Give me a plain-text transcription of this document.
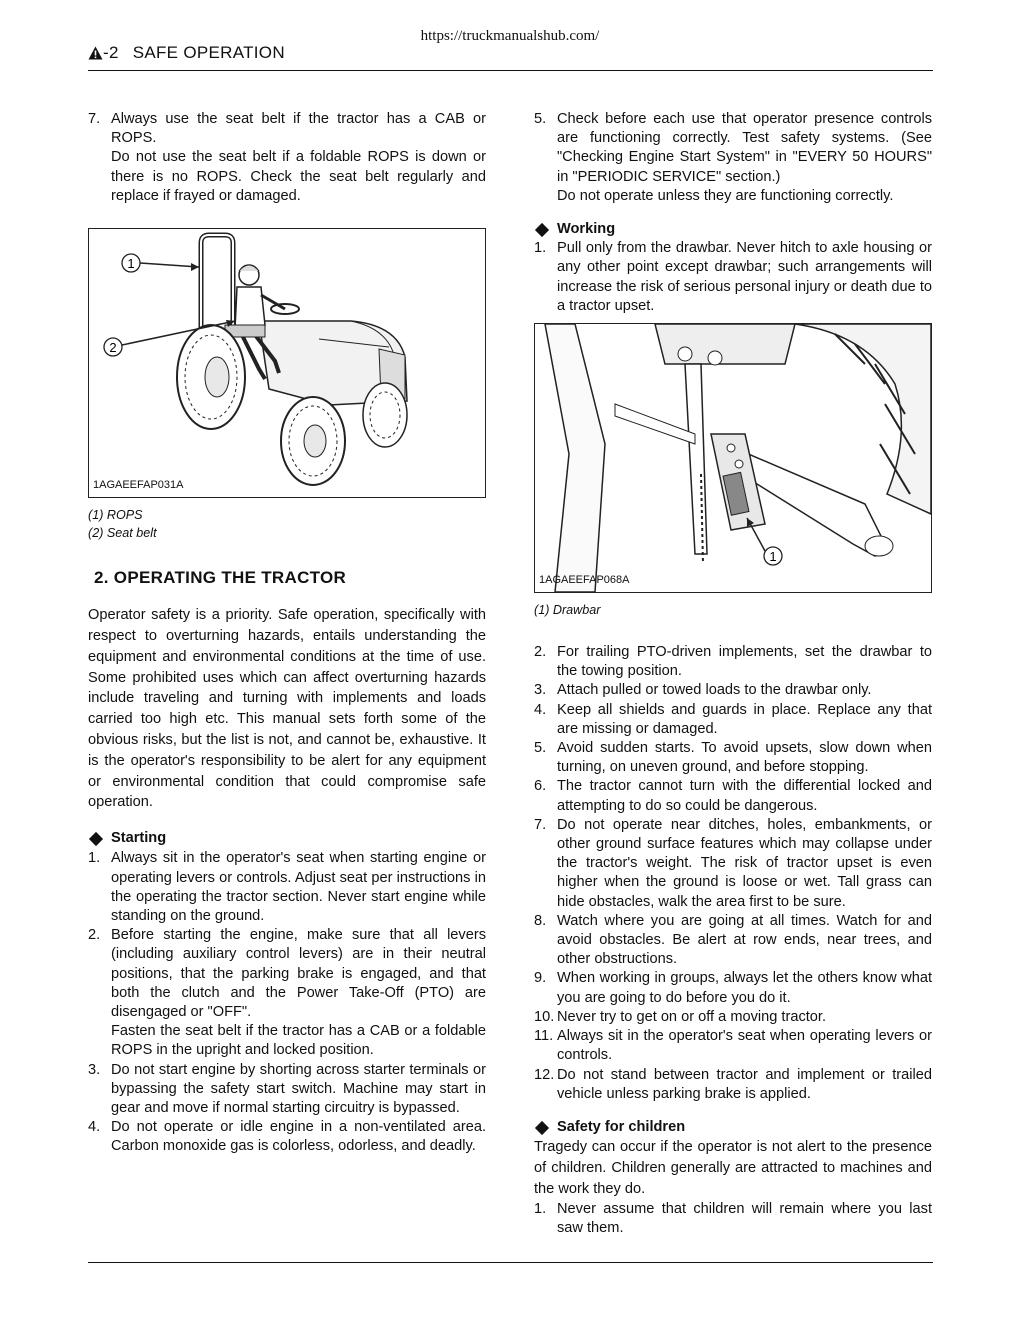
https://truckmanualshub.com/
-2 SAFE OPERATION
7. Always use the seat belt if the tractor has a CAB or ROPS.

Do not use the seat belt if a foldable ROPS is down or there is no ROPS. Check the seat belt regularly and replace if frayed or damaged.

1
2
1AGAEEFAP031A
(1) ROPS
(2) Seat belt
2. OPERATING THE TRACTOR

Operator safety is a priority. Safe operation, specifically with respect to overturning hazards, entails understanding the equipment and environmental conditions at the time of use. Some prohibited uses which can affect overturning hazards include traveling and turning with implements and loads carried too high etc. This manual sets forth some of the obvious risks, but the list is not, and cannot be, exhaustive. It is the operator's responsibility to be alert for any equipment or environmental condition that could compromise safe operation.

Starting
1. Always sit in the operator's seat when starting engine or operating levers or controls. Adjust seat per instructions in the operating the tractor section. Never start engine while standing on the ground.

2. Before starting the engine, make sure that all levers (including auxiliary control levers) are in their neutral positions, that the parking brake is engaged, and that both the clutch and the Power Take-Off (PTO) are disengaged or "OFF".

Fasten the seat belt if the tractor has a CAB or a foldable ROPS in the upright and locked position.

3. Do not start engine by shorting across starter terminals or bypassing the safety start switch. Machine may start in gear and move if normal starting circuitry is bypassed.

4. Do not operate or idle engine in a non-ventilated area. Carbon monoxide gas is colorless, odorless, and deadly.

5. Check before each use that operator presence controls are functioning correctly. Test safety systems. (See "Checking Engine Start System" in "EVERY 50 HOURS" in "PERIODIC SERVICE" section.)

Do not operate unless they are functioning correctly.

Working
1. Pull only from the drawbar. Never hitch to axle housing or any other point except drawbar; such arrangements will increase the risk of serious personal injury or death due to a tractor upset.

1
1AGAEEFAP068A
(1) Drawbar
2. For trailing PTO-driven implements, set the drawbar to the towing position.

3. Attach pulled or towed loads to the drawbar only.

4. Keep all shields and guards in place. Replace any that are missing or damaged.

5. Avoid sudden starts. To avoid upsets, slow down when turning, on uneven ground, and before stopping.

6. The tractor cannot turn with the differential locked and attempting to do so could be dangerous.

7. Do not operate near ditches, holes, embankments, or other ground surface features which may collapse under the tractor's weight. The risk of tractor upset is even higher when the ground is loose or wet. Tall grass can hide obstacles, walk the area first to be sure.

8. Watch where you are going at all times. Watch for and avoid obstacles. Be alert at row ends, near trees, and other obstructions.

9. When working in groups, always let the others know what you are going to do before you do it.

10. Never try to get on or off a moving tractor.

11. Always sit in the operator's seat when operating levers or controls.

12. Do not stand between tractor and implement or trailed vehicle unless parking brake is applied.

Safety for children

Tragedy can occur if the operator is not alert to the presence of children. Children generally are attracted to machines and the work they do.

1. Never assume that children will remain where you last saw them.
